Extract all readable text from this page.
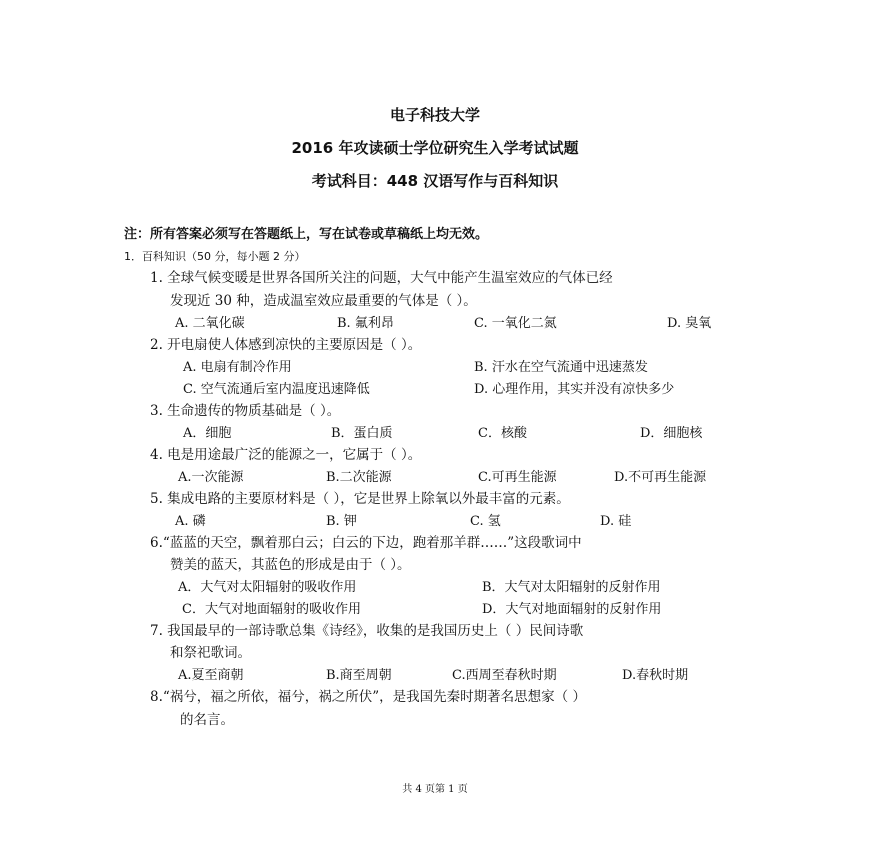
电子科技大学
2016 年攻读硕士学位研究生入学考试试题
考试科目：448 汉语写作与百科知识
注：所有答案必须写在答题纸上，写在试卷或草稿纸上均无效。
1．百科知识（50 分，每小题 2 分）
1. 全球气候变暖是世界各国所关注的问题，大气中能产生温室效应的气体已经
发现近 30 种，造成温室效应最重要的气体是（ ）。
A. 二氧化碳	B. 氟利昂	C. 一氧化二氮	D. 臭氧
2. 开电扇使人体感到凉快的主要原因是（ ）。
A. 电扇有制冷作用	B. 汗水在空气流通中迅速蒸发
C. 空气流通后室内温度迅速降低	D. 心理作用，其实并没有凉快多少
3. 生命遗传的物质基础是（ ）。
A．细胞	B．蛋白质	C．核酸	D．细胞核
4. 电是用途最广泛的能源之一，它属于（ ）。
A.一次能源	B.二次能源	C.可再生能源	D.不可再生能源
5. 集成电路的主要原材料是（ ），它是世界上除氧以外最丰富的元素。
A. 磷	B. 钾	C. 氢	D. 硅
6.“蓝蓝的天空，飘着那白云；白云的下边，跑着那羊群……”这段歌词中
赞美的蓝天，其蓝色的形成是由于（ ）。
A．大气对太阳辐射的吸收作用	B．大气对太阳辐射的反射作用
C．大气对地面辐射的吸收作用	D．大气对地面辐射的反射作用
7. 我国最早的一部诗歌总集《诗经》，收集的是我国历史上（ ）民间诗歌
和祭祀歌词。
A.夏至商朝	B.商至周朝	C.西周至春秋时期	D.春秋时期
8.“祸兮，福之所依，福兮，祸之所伏”，是我国先秦时期著名思想家（ ）
的名言。
共 4 页第 1 页
